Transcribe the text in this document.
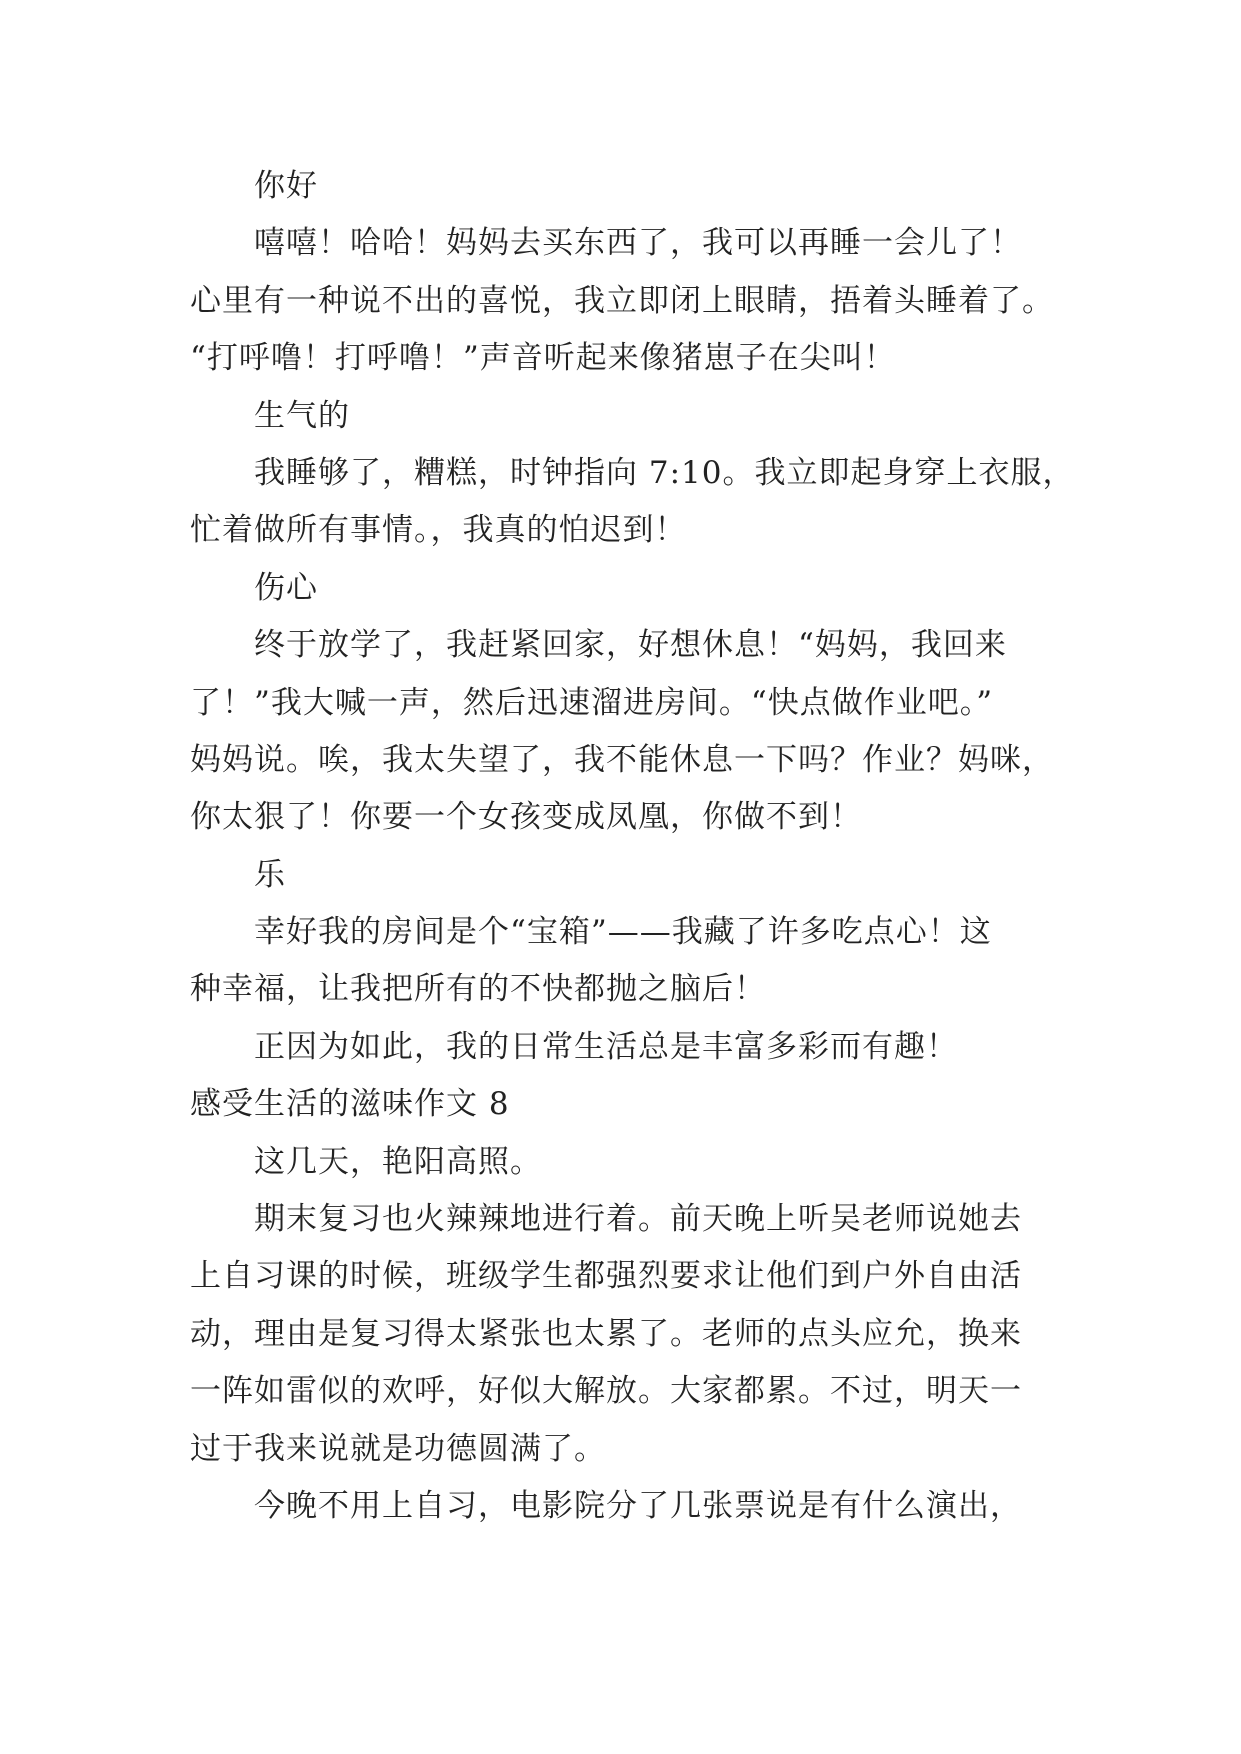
你好
嘻嘻！哈哈！妈妈去买东西了，我可以再睡一会儿了！
心里有一种说不出的喜悦，我立即闭上眼睛，捂着头睡着了。
“打呼噜！打呼噜！”声音听起来像猪崽子在尖叫！
生气的
我睡够了，糟糕，时钟指向 7:10。我立即起身穿上衣服，
忙着做所有事情。，我真的怕迟到！
伤心
终于放学了，我赶紧回家，好想休息！“妈妈，我回来
了！”我大喊一声，然后迅速溜进房间。“快点做作业吧。”
妈妈说。唉，我太失望了，我不能休息一下吗？作业？妈咪，
你太狠了！你要一个女孩变成凤凰，你做不到！
乐
幸好我的房间是个“宝箱”——我藏了许多吃点心！这
种幸福，让我把所有的不快都抛之脑后！
正因为如此，我的日常生活总是丰富多彩而有趣！
感受生活的滋味作文 8
这几天，艳阳高照。
期末复习也火辣辣地进行着。前天晚上听吴老师说她去
上自习课的时候，班级学生都强烈要求让他们到户外自由活
动，理由是复习得太紧张也太累了。老师的点头应允，换来
一阵如雷似的欢呼，好似大解放。大家都累。不过，明天一
过于我来说就是功德圆满了。
今晚不用上自习，电影院分了几张票说是有什么演出，
